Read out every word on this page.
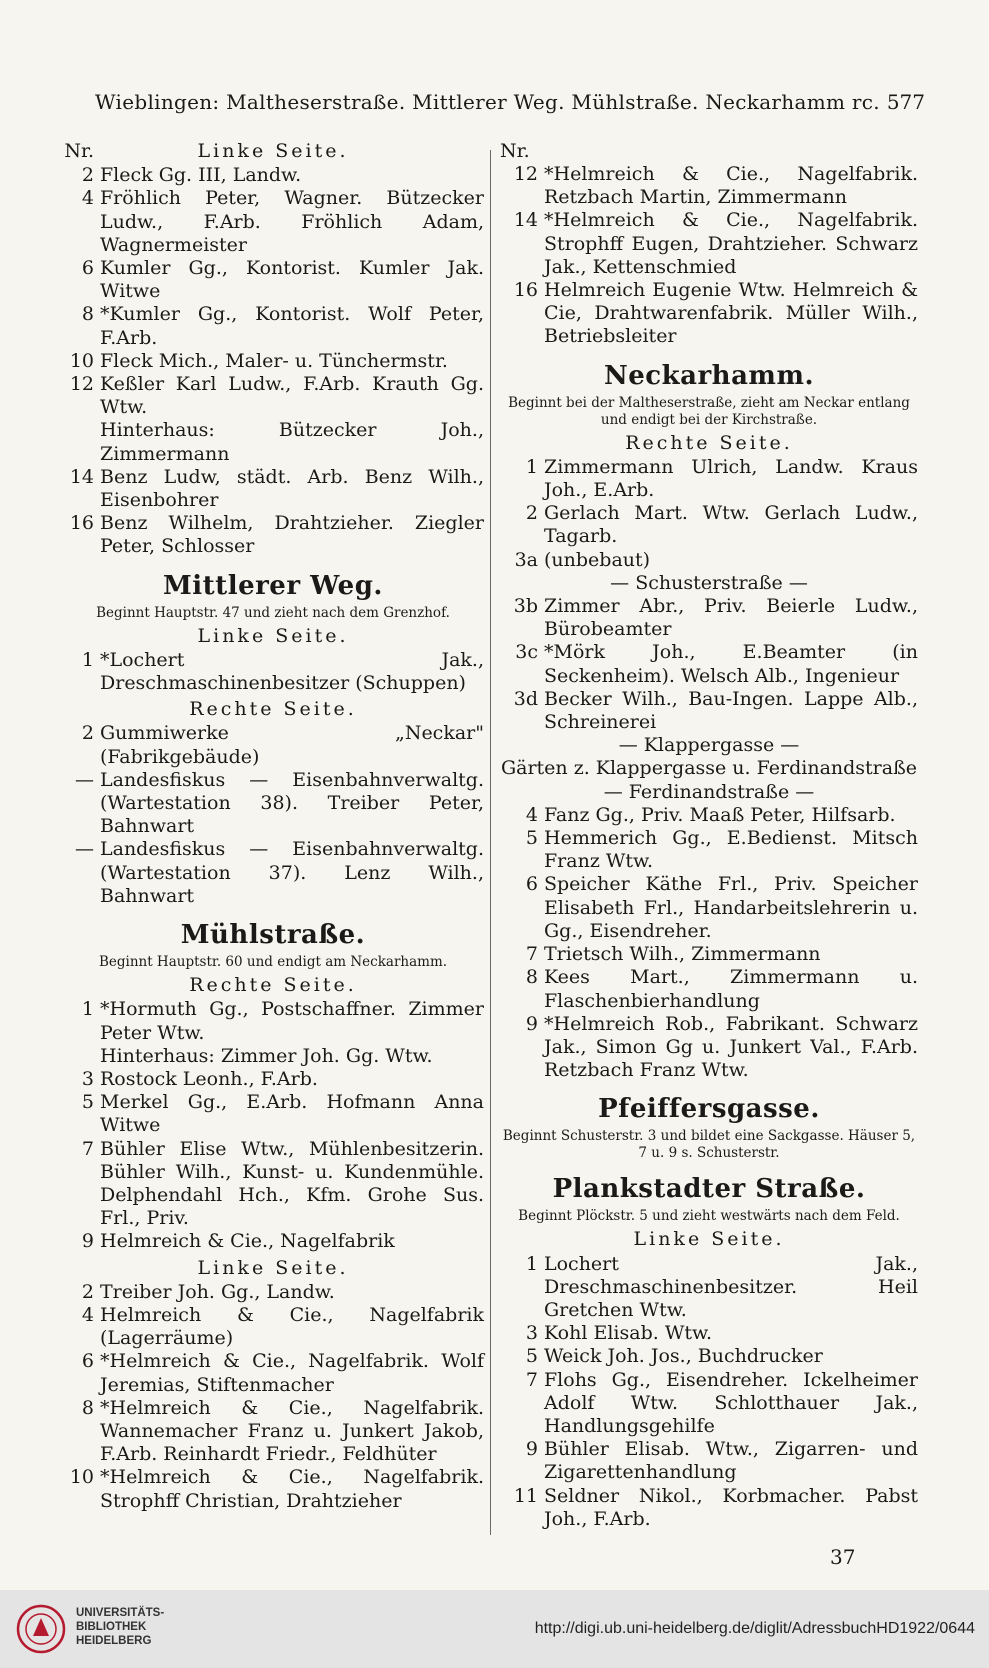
Wieblingen: Maltheserstraße. Mittlerer Weg. Mühlstraße. Neckarhamm rc. 577
Nr.	Linke Seite.
2 Fleck Gg. III, Landw.
4 Fröhlich Peter, Wagner. Bützecker Ludw., F.Arb. Fröhlich Adam, Wagnermeister
6 Kumler Gg., Kontorist. Kumler Jak. Witwe
8 *Kumler Gg., Kontorist. Wolf Peter, F.Arb.
10 Fleck Mich., Maler- u. Tünchermstr.
12 Keßler Karl Ludw., F.Arb. Krauth Gg. Wtw.
Hinterhaus: Bützecker Joh., Zimmermann
14 Benz Ludw, städt. Arb. Benz Wilh., Eisenbohrer
16 Benz Wilhelm, Drahtzieher. Ziegler Peter, Schlosser
Mittlerer Weg.
Beginnt Hauptstr. 47 und zieht nach dem Grenzhof.
Linke Seite.
1 *Lochert Jak., Dreschmaschinenbesitzer (Schuppen)
Rechte Seite.
2 Gummiwerke „Neckar" (Fabrikgebäude)
— Landesfiskus — Eisenbahnverwaltg. (Wartestation 38). Treiber Peter, Bahnwart
— Landesfiskus — Eisenbahnverwaltg. (Wartestation 37). Lenz Wilh., Bahnwart
Mühlstraße.
Beginnt Hauptstr. 60 und endigt am Neckarhamm.
Rechte Seite.
1 *Hormuth Gg., Postschaffner. Zimmer Peter Wtw.
Hinterhaus: Zimmer Joh. Gg. Wtw.
3 Rostock Leonh., F.Arb.
5 Merkel Gg., E.Arb. Hofmann Anna Witwe
7 Bühler Elise Wtw., Mühlenbesitzerin. Bühler Wilh., Kunst- u. Kundenmühle. Delphendahl Hch., Kfm. Grohe Sus. Frl., Priv.
9 Helmreich & Cie., Nagelfabrik
Linke Seite.
2 Treiber Joh. Gg., Landw.
4 Helmreich & Cie., Nagelfabrik (Lagerräume)
6 *Helmreich & Cie., Nagelfabrik. Wolf Jeremias, Stiftenmacher
8 *Helmreich & Cie., Nagelfabrik. Wannemacher Franz u. Junkert Jakob, F.Arb. Reinhardt Friedr., Feldhüter
10 *Helmreich & Cie., Nagelfabrik. Strophff Christian, Drahtzieher
Nr.
12 *Helmreich & Cie., Nagelfabrik. Retzbach Martin, Zimmermann
14 *Helmreich & Cie., Nagelfabrik. Strophff Eugen, Drahtzieher. Schwarz Jak., Kettenschmied
16 Helmreich Eugenie Wtw. Helmreich & Cie, Drahtwarenfabrik. Müller Wilh., Betriebsleiter
Neckarhamm.
Beginnt bei der Maltheserstraße, zieht am Neckar entlang und endigt bei der Kirchstraße.
Rechte Seite.
1 Zimmermann Ulrich, Landw. Kraus Joh., E.Arb.
2 Gerlach Mart. Wtw. Gerlach Ludw., Tagarb.
3a (unbebaut)
— Schusterstraße —
3b Zimmer Abr., Priv. Beierle Ludw., Bürobeamter
3c *Mörk Joh., E.Beamter (in Seckenheim). Welsch Alb., Ingenieur
3d Becker Wilh., Bau-Ingen. Lappe Alb., Schreinerei
— Klappergasse —
Gärten z. Klappergasse u. Ferdinandstraße
— Ferdinandstraße —
4 Fanz Gg., Priv. Maaß Peter, Hilfsarb.
5 Hemmerich Gg., E.Bedienst. Mitsch Franz Wtw.
6 Speicher Käthe Frl., Priv. Speicher Elisabeth Frl., Handarbeitslehrerin u. Gg., Eisendreher.
7 Trietsch Wilh., Zimmermann
8 Kees Mart., Zimmermann u. Flaschenbierhandlung
9 *Helmreich Rob., Fabrikant. Schwarz Jak., Simon Gg u. Junkert Val., F.Arb. Retzbach Franz Wtw.
Pfeiffersgasse.
Beginnt Schusterstr. 3 und bildet eine Sackgasse. Häuser 5, 7 u. 9 s. Schusterstr.
Plankstadter Straße.
Beginnt Plöckstr. 5 und zieht westwärts nach dem Feld.
Linke Seite.
1 Lochert Jak., Dreschmaschinenbesitzer. Heil Gretchen Wtw.
3 Kohl Elisab. Wtw.
5 Weick Joh. Jos., Buchdrucker
7 Flohs Gg., Eisendreher. Ickelheimer Adolf Wtw. Schlotthauer Jak., Handlungsgehilfe
9 Bühler Elisab. Wtw., Zigarren- und Zigarettenhandlung
11 Seldner Nikol., Korbmacher. Pabst Joh., F.Arb.
37
UNIVERSITÄTS-
BIBLIOTHEK
HEIDELBERG
http://digi.ub.uni-heidelberg.de/diglit/AdressbuchHD1922/0644
